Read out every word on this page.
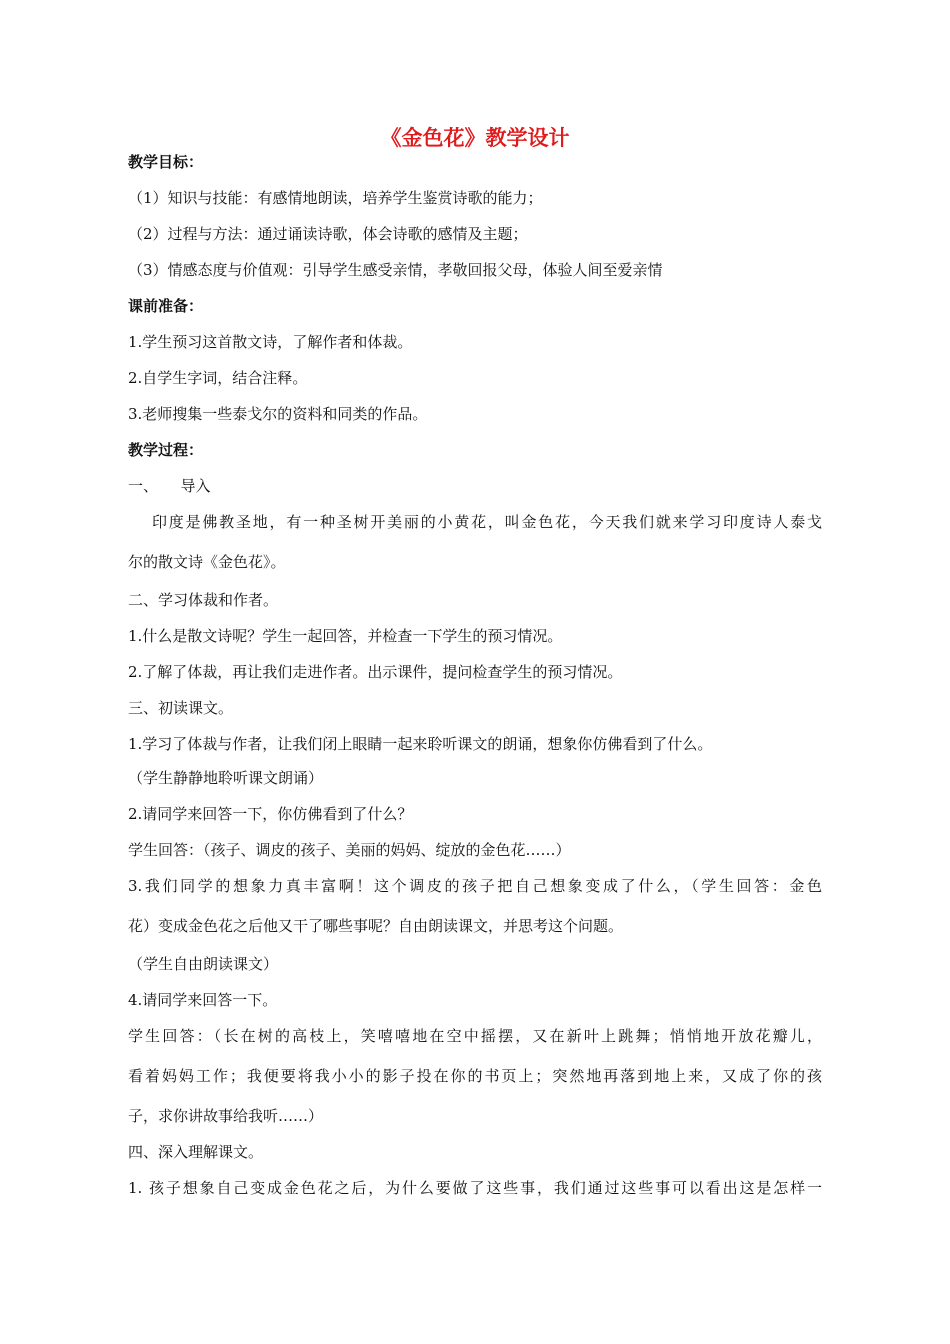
《金色花》教学设计
教学目标：
（1）知识与技能：有感情地朗读，培养学生鉴赏诗歌的能力；
（2）过程与方法：通过诵读诗歌，体会诗歌的感情及主题；
（3）情感态度与价值观：引导学生感受亲情，孝敬回报父母，体验人间至爱亲情
课前准备：
1.学生预习这首散文诗，了解作者和体裁。
2.自学生字词，结合注释。
3.老师搜集一些泰戈尔的资料和同类的作品。
教学过程：
一、　　导入
印度是佛教圣地，有一种圣树开美丽的小黄花，叫金色花，今天我们就来学习印度诗人泰戈
尔的散文诗《金色花》。
二、学习体裁和作者。
1.什么是散文诗呢？学生一起回答，并检查一下学生的预习情况。
2.了解了体裁，再让我们走进作者。出示课件，提问检查学生的预习情况。
三、初读课文。
1.学习了体裁与作者，让我们闭上眼睛一起来聆听课文的朗诵，想象你仿佛看到了什么。
（学生静静地聆听课文朗诵）
2.请同学来回答一下，你仿佛看到了什么？
学生回答：（孩子、调皮的孩子、美丽的妈妈、绽放的金色花……）
3.我们同学的想象力真丰富啊！这个调皮的孩子把自己想象变成了什么，（学生回答：金色
花）变成金色花之后他又干了哪些事呢？自由朗读课文，并思考这个问题。
（学生自由朗读课文）
4.请同学来回答一下。
学生回答：（长在树的高枝上，笑嘻嘻地在空中摇摆，又在新叶上跳舞；悄悄地开放花瓣儿，
看着妈妈工作；我便要将我小小的影子投在你的书页上；突然地再落到地上来，又成了你的孩
子，求你讲故事给我听……）
四、深入理解课文。
1. 孩子想象自己变成金色花之后，为什么要做了这些事，我们通过这些事可以看出这是怎样一
